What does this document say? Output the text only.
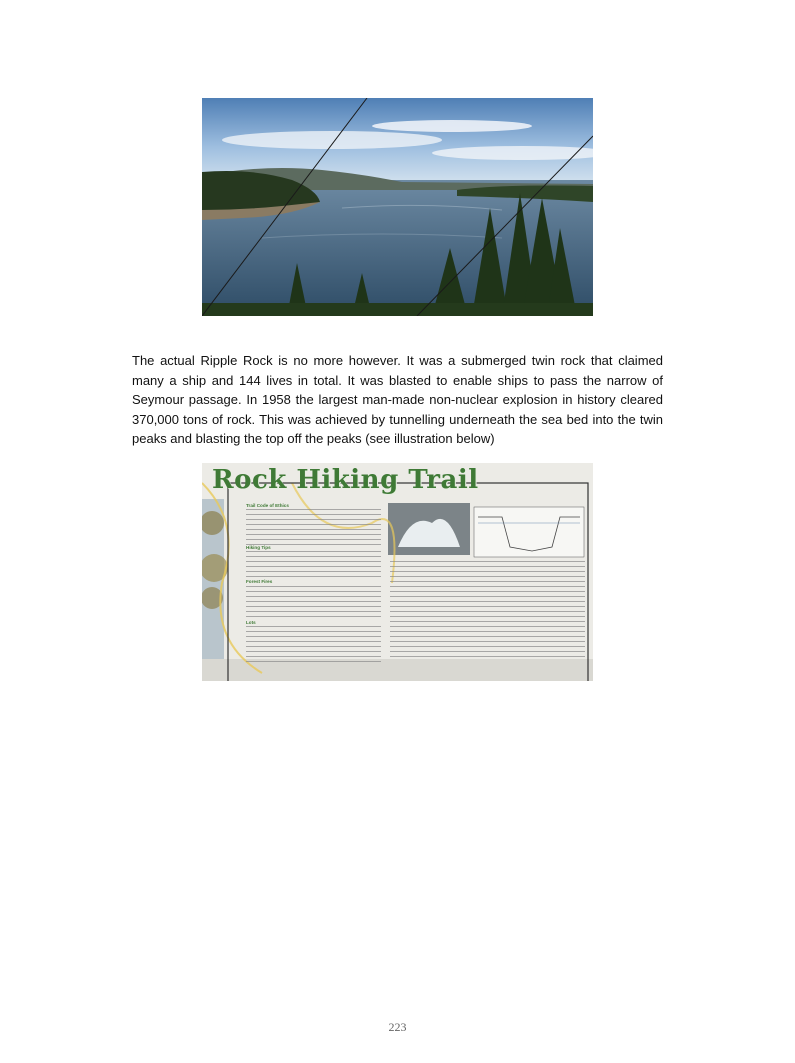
The actual Ripple Rock is no more however. It was a submerged twin rock that claimed many a ship and 144 lives in total. It was blasted to enable ships to pass the narrow of Seymour passage. In 1958 the largest man-made non-nuclear explosion in history cleared 370,000 tons of rock. This was achieved by tunnelling underneath the sea bed into the twin peaks and blasting the top off the peaks (see illustration below)

Rock Hiking Trail
Trail Code of Ethics
Hiking Tips
Forest Fires
Lots
223
